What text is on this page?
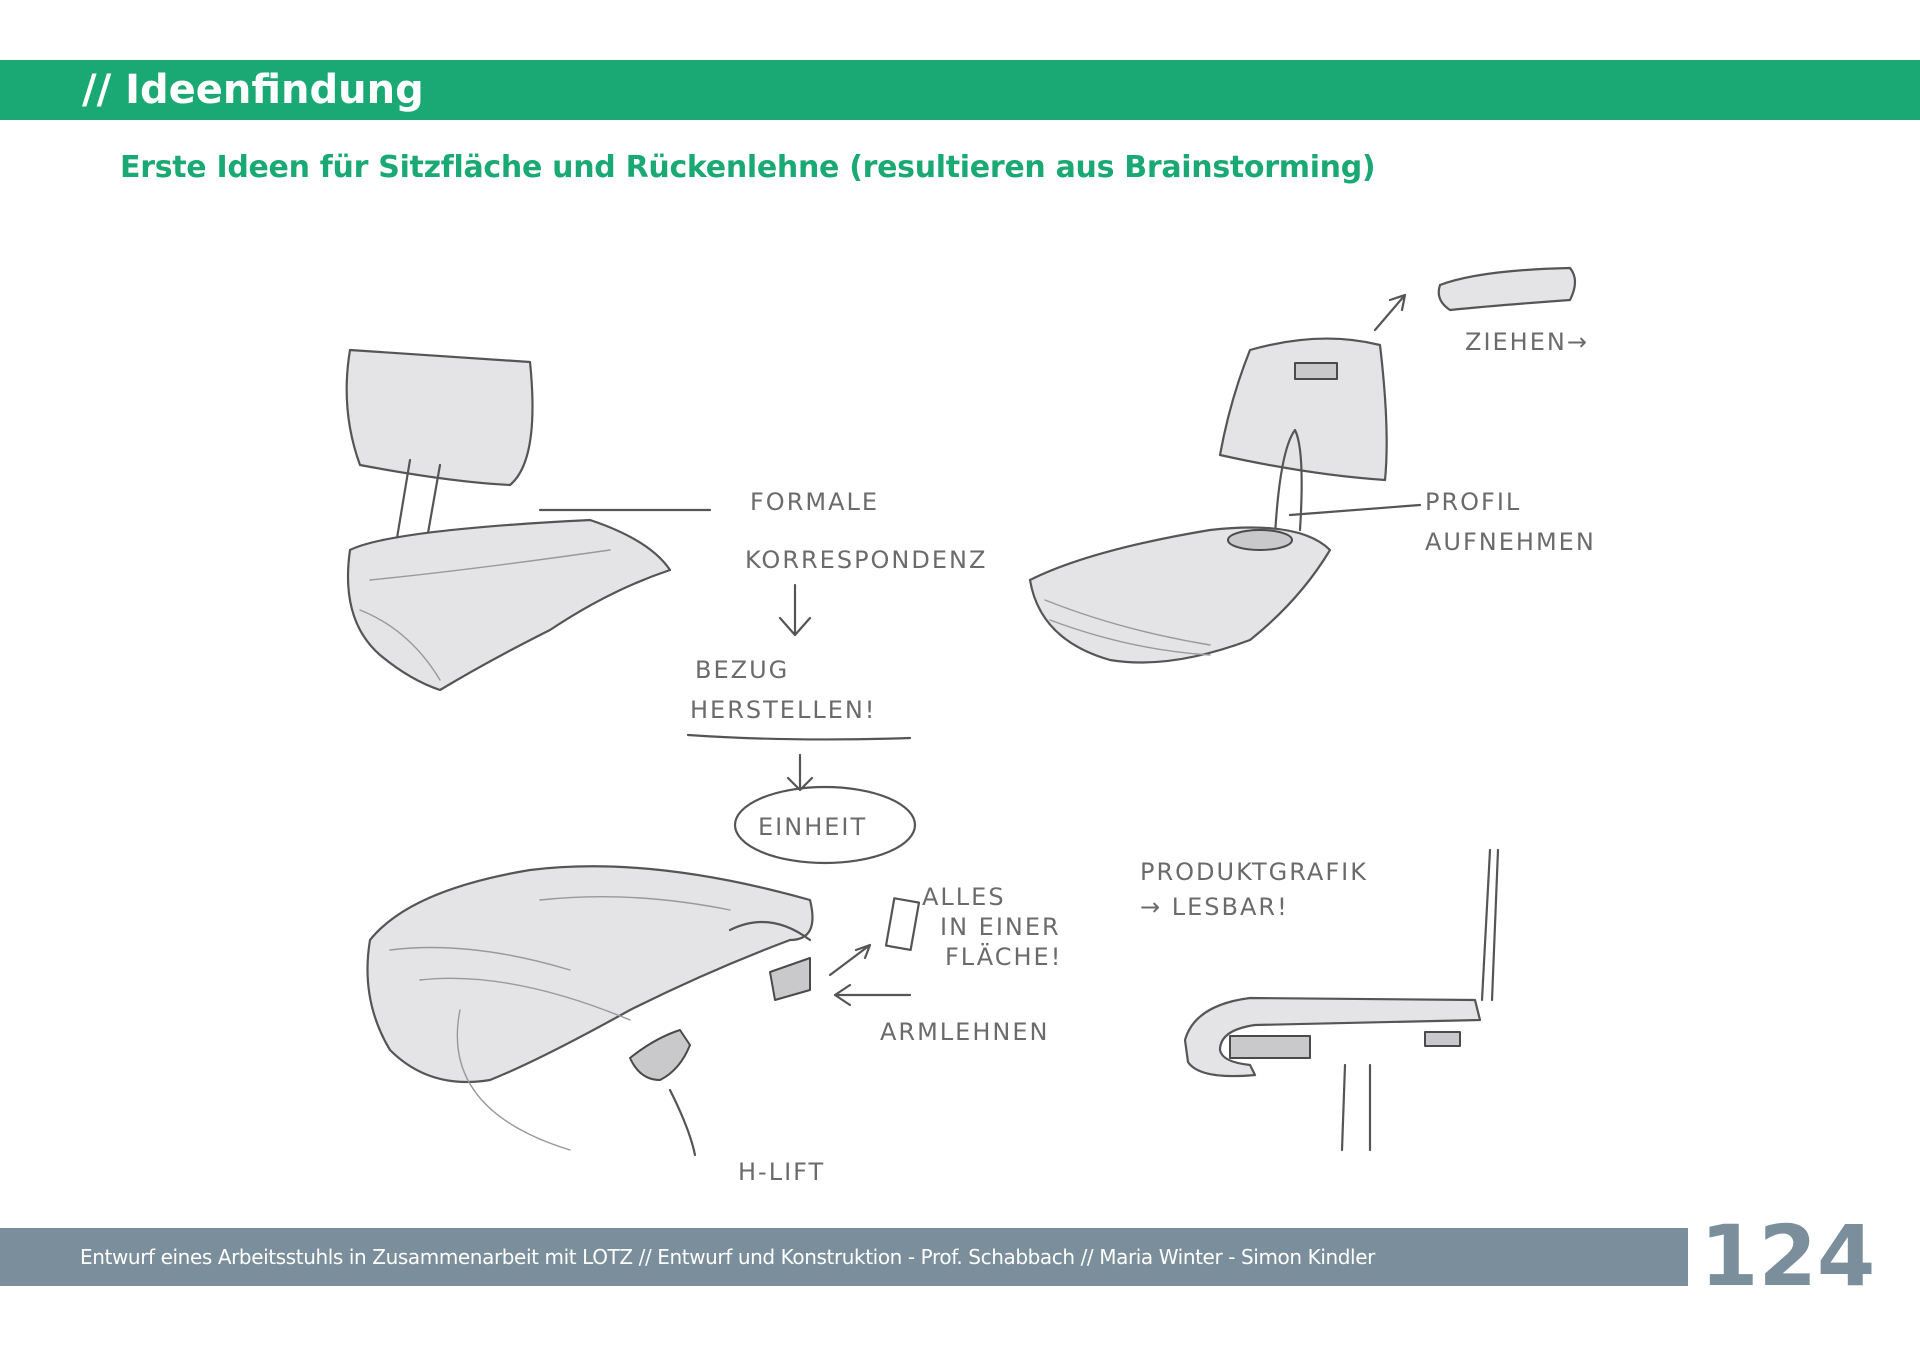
// Ideenfindung
Erste Ideen für Sitzfläche und Rückenlehne (resultieren aus Brainstorming)
FORMALE
KORRESPONDENZ
BEZUG
HERSTELLEN!
EINHEIT
ZIEHEN→
PROFIL
AUFNEHMEN
ALLES
IN EINER
FLÄCHE!
ARMLEHNEN
H-LIFT
PRODUKTGRAFIK
→ LESBAR!
Entwurf eines Arbeitsstuhls in Zusammenarbeit mit LOTZ // Entwurf und Konstruktion - Prof. Schabbach // Maria Winter - Simon Kindler	124
